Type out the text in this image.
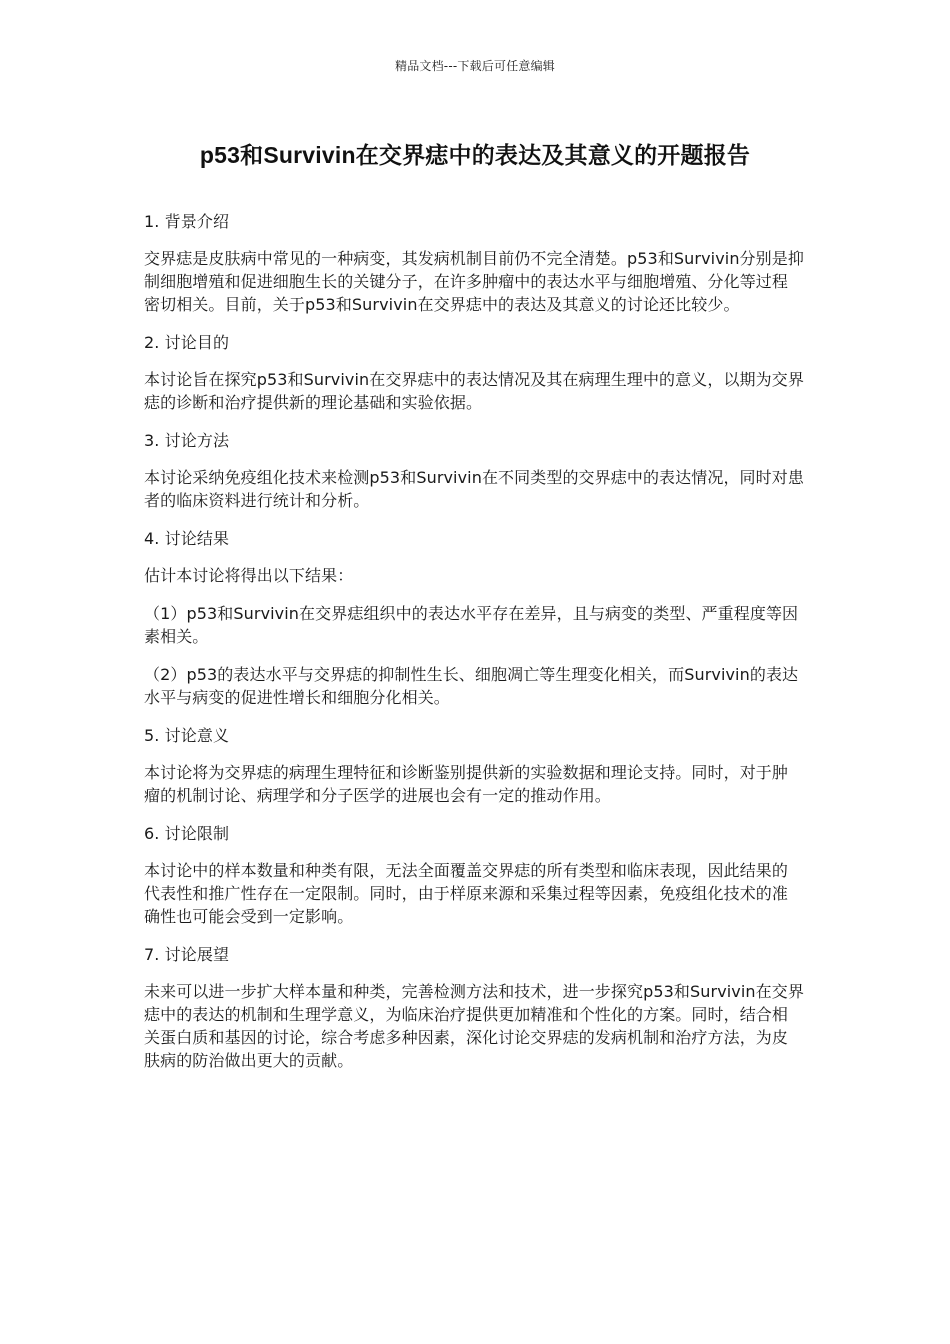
精品文档---下载后可任意编辑
p53和Survivin在交界痣中的表达及其意义的开题报告
1. 背景介绍
交界痣是皮肤病中常见的一种病变，其发病机制目前仍不完全清楚。p53和Survivin分别是抑制细胞增殖和促进细胞生长的关键分子，在许多肿瘤中的表达水平与细胞增殖、分化等过程密切相关。目前，关于p53和Survivin在交界痣中的表达及其意义的讨论还比较少。
2. 讨论目的
本讨论旨在探究p53和Survivin在交界痣中的表达情况及其在病理生理中的意义，以期为交界痣的诊断和治疗提供新的理论基础和实验依据。
3. 讨论方法
本讨论采纳免疫组化技术来检测p53和Survivin在不同类型的交界痣中的表达情况，同时对患者的临床资料进行统计和分析。
4. 讨论结果
估计本讨论将得出以下结果：
（1）p53和Survivin在交界痣组织中的表达水平存在差异，且与病变的类型、严重程度等因素相关。
（2）p53的表达水平与交界痣的抑制性生长、细胞凋亡等生理变化相关，而Survivin的表达水平与病变的促进性增长和细胞分化相关。
5. 讨论意义
本讨论将为交界痣的病理生理特征和诊断鉴别提供新的实验数据和理论支持。同时，对于肿瘤的机制讨论、病理学和分子医学的进展也会有一定的推动作用。
6. 讨论限制
本讨论中的样本数量和种类有限，无法全面覆盖交界痣的所有类型和临床表现，因此结果的代表性和推广性存在一定限制。同时，由于样原来源和采集过程等因素，免疫组化技术的准确性也可能会受到一定影响。
7. 讨论展望
未来可以进一步扩大样本量和种类，完善检测方法和技术，进一步探究p53和Survivin在交界痣中的表达的机制和生理学意义，为临床治疗提供更加精准和个性化的方案。同时，结合相关蛋白质和基因的讨论，综合考虑多种因素，深化讨论交界痣的发病机制和治疗方法，为皮肤病的防治做出更大的贡献。
